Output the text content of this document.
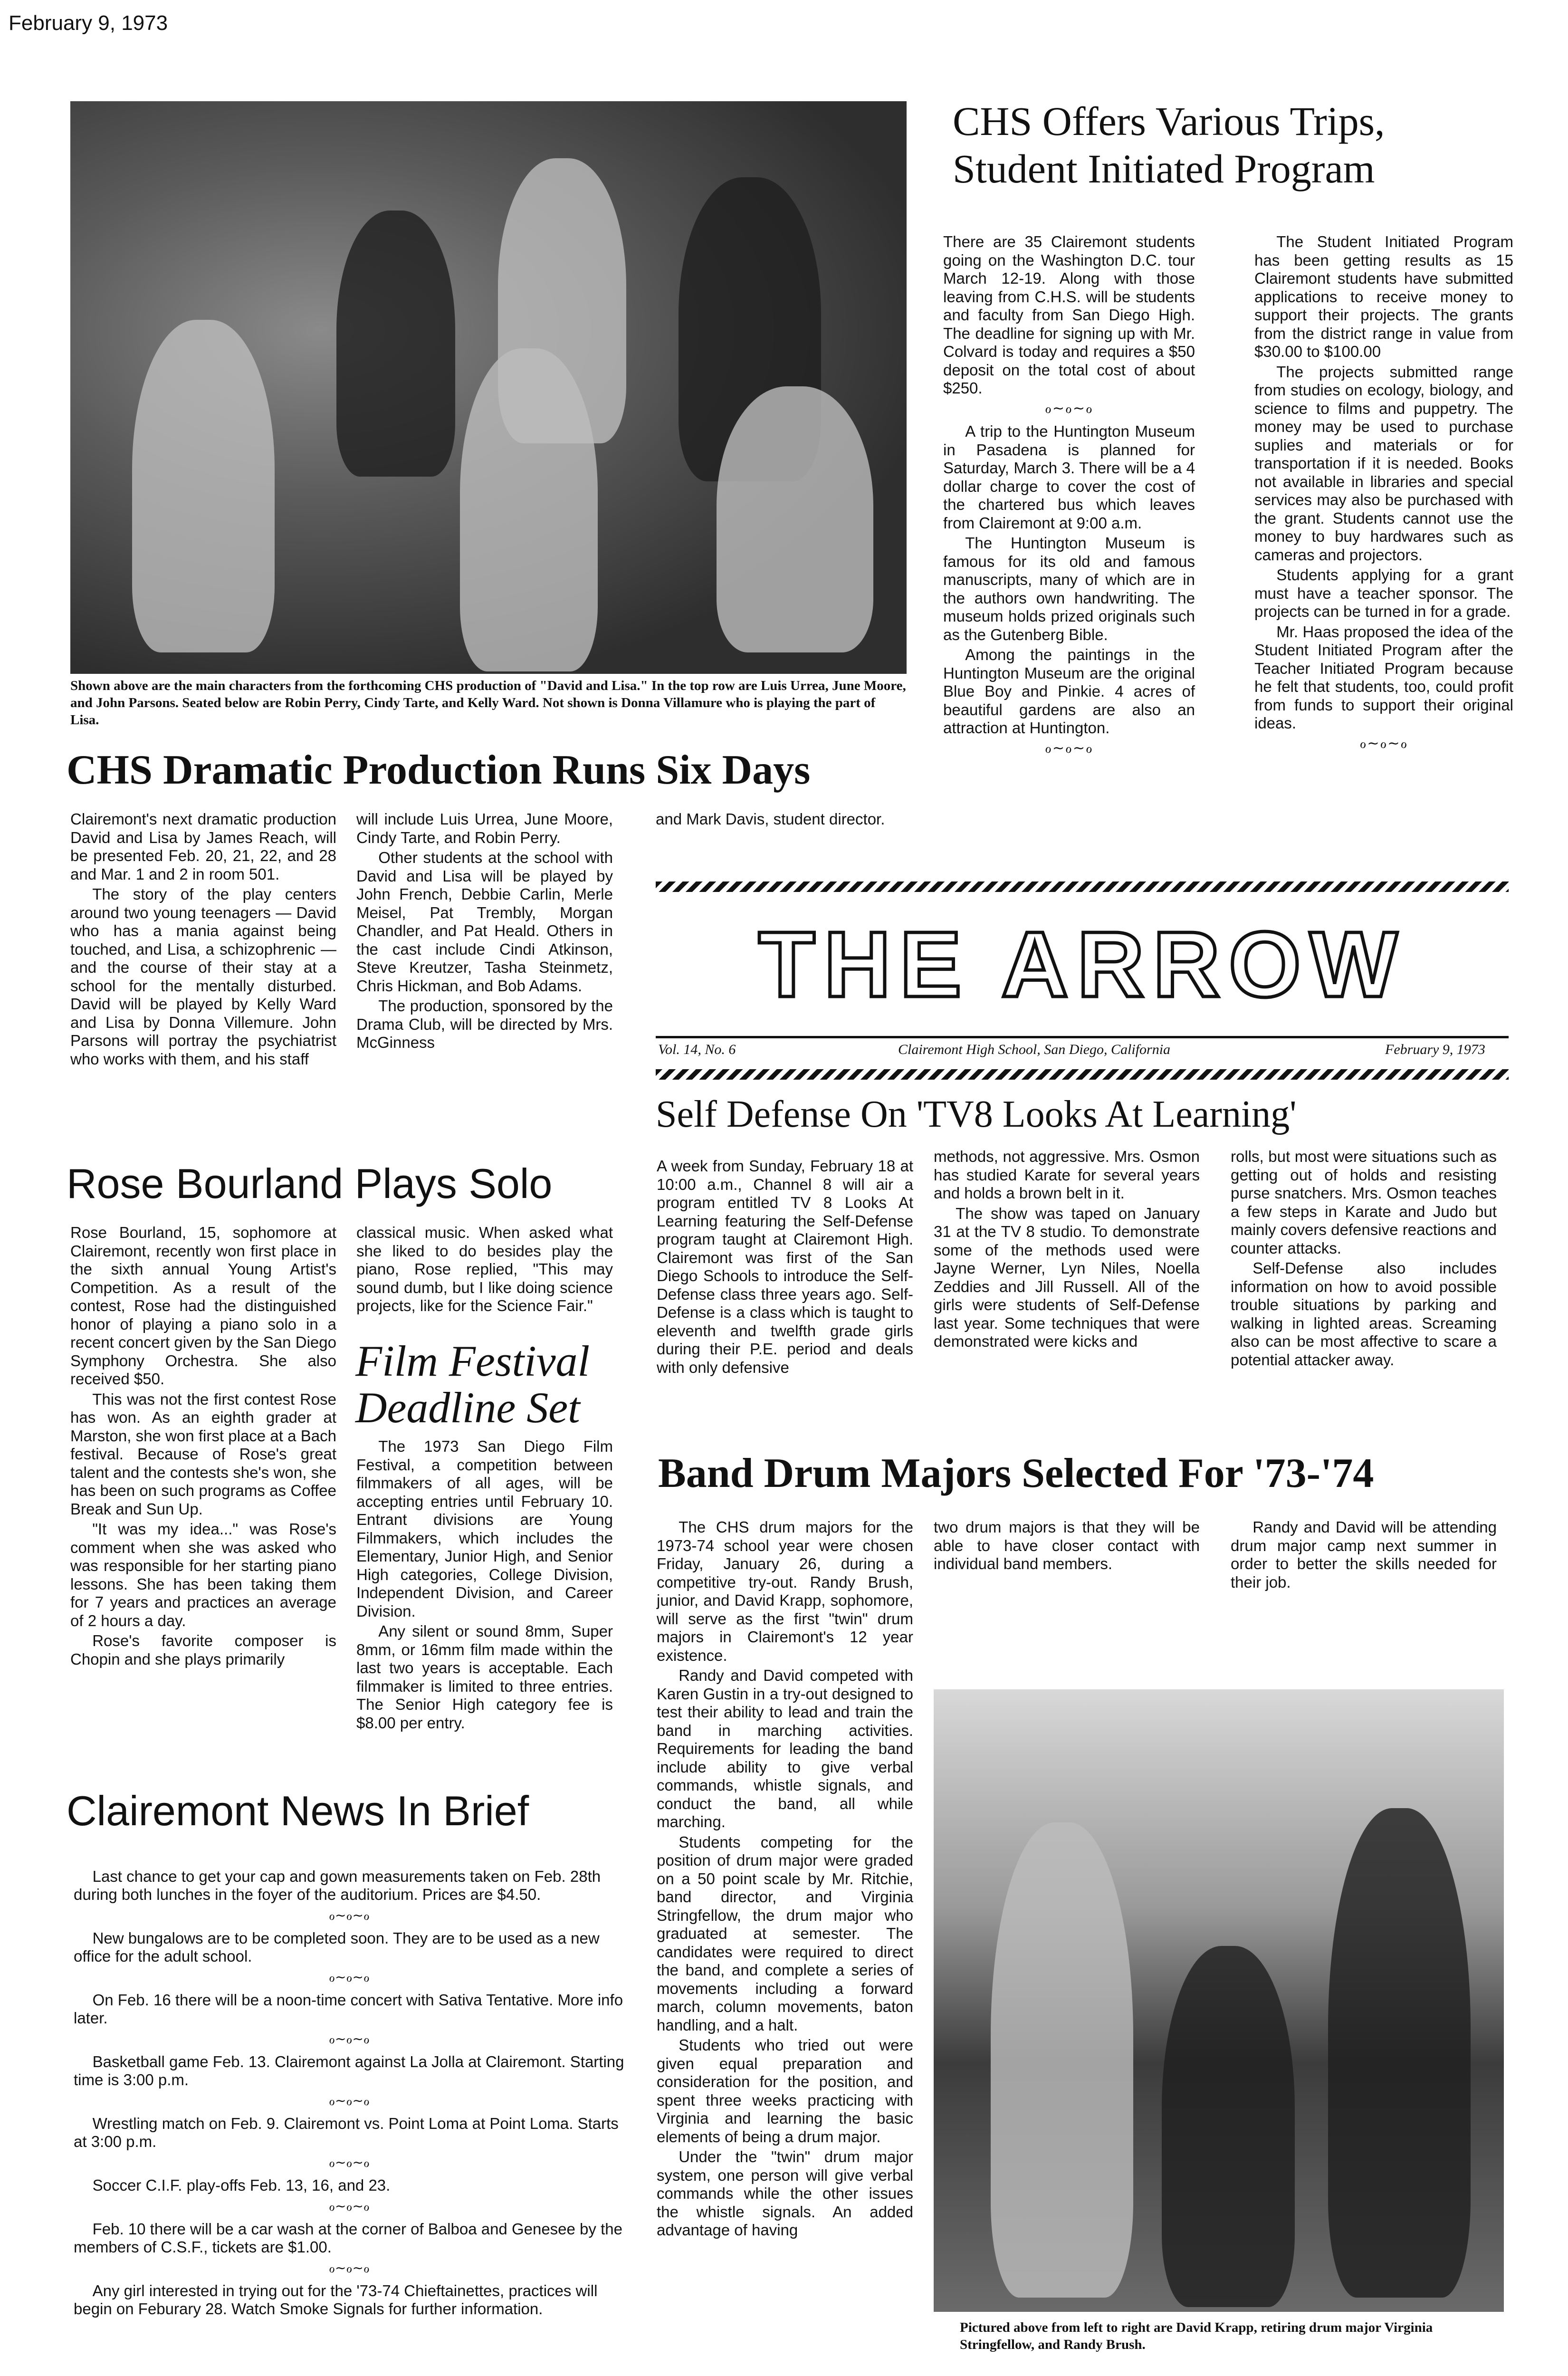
February 9, 1973
Shown above are the main characters from the forthcoming CHS production of "David and Lisa." In the top row are Luis Urrea, June Moore, and John Parsons. Seated below are Robin Perry, Cindy Tarte, and Kelly Ward. Not shown is Donna Villamure who is playing the part of Lisa.
CHS Dramatic Production Runs Six Days

Clairemont's next dramatic production David and Lisa by James Reach, will be presented Feb. 20, 21, 22, and 28 and Mar. 1 and 2 in room 501.

The story of the play centers around two young teenagers — David who has a mania against being touched, and Lisa, a schizophrenic — and the course of their stay at a school for the mentally disturbed. David will be played by Kelly Ward and Lisa by Donna Villemure. John Parsons will portray the psychiatrist who works with them, and his staff

will include Luis Urrea, June Moore, Cindy Tarte, and Robin Perry.

Other students at the school with David and Lisa will be played by John French, Debbie Carlin, Merle Meisel, Pat Trembly, Morgan Chandler, and Pat Heald. Others in the cast include Cindi Atkinson, Steve Kreutzer, Tasha Steinmetz, Chris Hickman, and Bob Adams.

The production, sponsored by the Drama Club, will be directed by Mrs. McGinness

and Mark Davis, student director.

CHS Offers Various Trips,
Student Initiated Program

There are 35 Clairemont students going on the Washington D.C. tour March 12-19. Along with those leaving from C.H.S. will be students and faculty from San Diego High. The deadline for signing up with Mr. Colvard is today and requires a $50 deposit on the total cost of about $250.

ℴ∼ℴ∼ℴ

A trip to the Huntington Museum in Pasadena is planned for Saturday, March 3. There will be a 4 dollar charge to cover the cost of the chartered bus which leaves from Clairemont at 9:00 a.m.

The Huntington Museum is famous for its old and famous manuscripts, many of which are in the authors own handwriting. The museum holds prized originals such as the Gutenberg Bible.

Among the paintings in the Huntington Museum are the original Blue Boy and Pinkie. 4 acres of beautiful gardens are also an attraction at Huntington.

ℴ∼ℴ∼ℴ

The Student Initiated Program has been getting results as 15 Clairemont students have submitted applications to receive money to support their projects. The grants from the district range in value from $30.00 to $100.00

The projects submitted range from studies on ecology, biology, and science to films and puppetry. The money may be used to purchase suplies and materials or for transportation if it is needed. Books not available in libraries and special services may also be purchased with the grant. Students cannot use the money to buy hardwares such as cameras and projectors.

Students applying for a grant must have a teacher sponsor. The projects can be turned in for a grade.

Mr. Haas proposed the idea of the Student Initiated Program after the Teacher Initiated Program because he felt that students, too, could profit from funds to support their original ideas.

ℴ∼ℴ∼ℴ
THE ARROW
Vol. 14, No. 6	Clairemont High School, San Diego, California	February 9, 1973
Self Defense On 'TV8 Looks At Learning'

A week from Sunday, February 18 at 10:00 a.m., Channel 8 will air a program entitled TV 8 Looks At Learning featuring the Self-Defense program taught at Clairemont High. Clairemont was first of the San Diego Schools to introduce the Self-Defense class three years ago. Self-Defense is a class which is taught to eleventh and twelfth grade girls during their P.E. period and deals with only defensive

methods, not aggressive. Mrs. Osmon has studied Karate for several years and holds a brown belt in it.

The show was taped on January 31 at the TV 8 studio. To demonstrate some of the methods used were Jayne Werner, Lyn Niles, Noella Zeddies and Jill Russell. All of the girls were students of Self-Defense last year. Some techniques that were demonstrated were kicks and

rolls, but most were situations such as getting out of holds and resisting purse snatchers. Mrs. Osmon teaches a few steps in Karate and Judo but mainly covers defensive reactions and counter attacks.

Self-Defense also includes information on how to avoid possible trouble situations by parking and walking in lighted areas. Screaming also can be most affective to scare a potential attacker away.

Rose Bourland Plays Solo

Rose Bourland, 15, sophomore at Clairemont, recently won first place in the sixth annual Young Artist's Competition. As a result of the contest, Rose had the distinguished honor of playing a piano solo in a recent concert given by the San Diego Symphony Orchestra. She also received $50.

This was not the first contest Rose has won. As an eighth grader at Marston, she won first place at a Bach festival. Because of Rose's great talent and the contests she's won, she has been on such programs as Coffee Break and Sun Up.

"It was my idea..." was Rose's comment when she was asked who was responsible for her starting piano lessons. She has been taking them for 7 years and practices an average of 2 hours a day.

Rose's favorite composer is Chopin and she plays primarily

classical music. When asked what she liked to do besides play the piano, Rose replied, "This may sound dumb, but I like doing science projects, like for the Science Fair."

Film Festival
Deadline Set

The 1973 San Diego Film Festival, a competition between filmmakers of all ages, will be accepting entries until February 10. Entrant divisions are Young Filmmakers, which includes the Elementary, Junior High, and Senior High categories, College Division, Independent Division, and Career Division.

Any silent or sound 8mm, Super 8mm, or 16mm film made within the last two years is acceptable. Each filmmaker is limited to three entries. The Senior High category fee is $8.00 per entry.

Band Drum Majors Selected For '73-'74

The CHS drum majors for the 1973-74 school year were chosen Friday, January 26, during a competitive try-out. Randy Brush, junior, and David Krapp, sophomore, will serve as the first "twin" drum majors in Clairemont's 12 year existence.

Randy and David competed with Karen Gustin in a try-out designed to test their ability to lead and train the band in marching activities. Requirements for leading the band include ability to give verbal commands, whistle signals, and conduct the band, all while marching.

Students competing for the position of drum major were graded on a 50 point scale by Mr. Ritchie, band director, and Virginia Stringfellow, the drum major who graduated at semester. The candidates were required to direct the band, and complete a series of movements including a forward march, column movements, baton handling, and a halt.

Students who tried out were given equal preparation and consideration for the position, and spent three weeks practicing with Virginia and learning the basic elements of being a drum major.

Under the "twin" drum major system, one person will give verbal commands while the other issues the whistle signals. An added advantage of having

two drum majors is that they will be able to have closer contact with individual band members.

Randy and David will be attending drum major camp next summer in order to better the skills needed for their job.

Pictured above from left to right are David Krapp, retiring drum major Virginia Stringfellow, and Randy Brush.
Clairemont News In Brief

Last chance to get your cap and gown measurements taken on Feb. 28th during both lunches in the foyer of the auditorium. Prices are $4.50.

ℴ∼ℴ∼ℴ

New bungalows are to be completed soon. They are to be used as a new office for the adult school.

ℴ∼ℴ∼ℴ

On Feb. 16 there will be a noon-time concert with Sativa Tentative. More info later.

ℴ∼ℴ∼ℴ

Basketball game Feb. 13. Clairemont against La Jolla at Clairemont. Starting time is 3:00 p.m.

ℴ∼ℴ∼ℴ

Wrestling match on Feb. 9. Clairemont vs. Point Loma at Point Loma. Starts at 3:00 p.m.

ℴ∼ℴ∼ℴ

Soccer C.I.F. play-offs Feb. 13, 16, and 23.

ℴ∼ℴ∼ℴ

Feb. 10 there will be a car wash at the corner of Balboa and Genesee by the members of C.S.F., tickets are $1.00.

ℴ∼ℴ∼ℴ

Any girl interested in trying out for the '73-74 Chieftainettes, practices will begin on Feburary 28. Watch Smoke Signals for further information.
